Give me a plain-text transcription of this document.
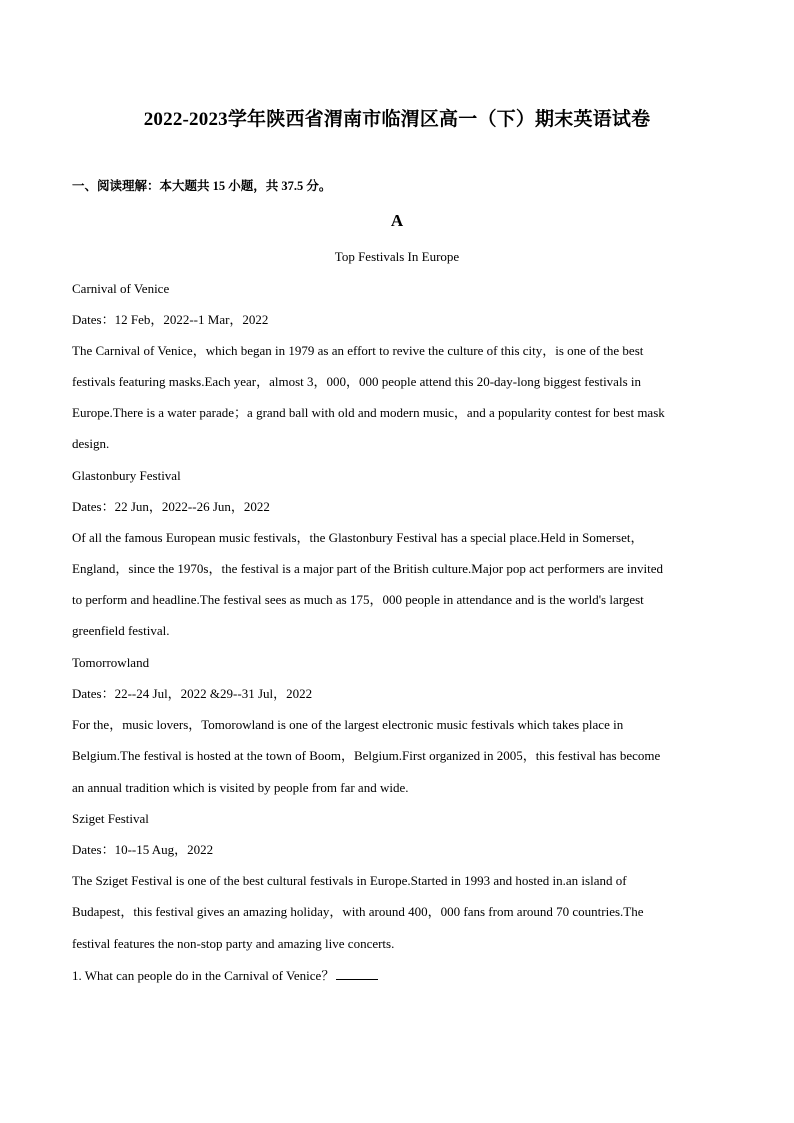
2022-2023学年陕西省渭南市临渭区高一（下）期末英语试卷
一、阅读理解：本大题共 15 小题，共 37.5 分。
A
Top Festivals In Europe
Carnival of Venice
Dates：12 Feb，2022--1 Mar，2022
The Carnival of Venice，which began in 1979 as an effort to revive the culture of this city，is one of the best
festivals featuring masks.Each year，almost 3，000，000 people attend this 20-day-long biggest festivals in
Europe.There is a water parade；a grand ball with old and modern music，and a popularity contest for best mask
design.
Glastonbury Festival
Dates：22 Jun，2022--26 Jun，2022
Of all the famous European music festivals，the Glastonbury Festival has a special place.Held in Somerset，
England，since the 1970s，the festival is a major part of the British culture.Major pop act performers are invited
to perform and headline.The festival sees as much as 175，000 people in attendance and is the world's largest
greenfield festival.
Tomorrowland
Dates：22--24 Jul，2022 &29--31 Jul，2022
For the，music lovers，Tomorowland is one of the largest electronic music festivals which takes place in
Belgium.The festival is hosted at the town of Boom，Belgium.First organized in 2005，this festival has become
an annual tradition which is visited by people from far and wide.
Sziget Festival
Dates：10--15 Aug，2022
The Sziget Festival is one of the best cultural festivals in Europe.Started in 1993 and hosted in.an island of
Budapest，this festival gives an amazing holiday，with around 400，000 fans from around 70 countries.The
festival features the non-stop party and amazing live concerts.
1. What can people do in the Carnival of Venice？
